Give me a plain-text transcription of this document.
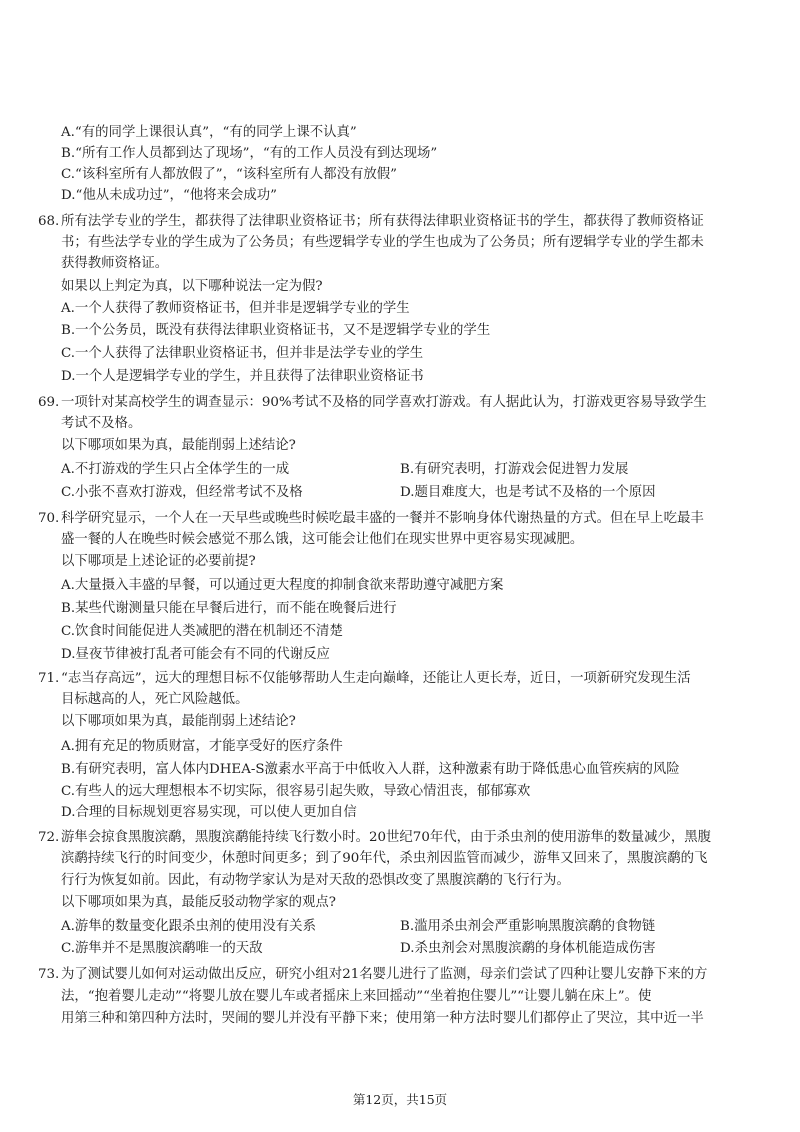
A.“有的同学上课很认真”，“有的同学上课不认真”
B.“所有工作人员都到达了现场”，“有的工作人员没有到达现场”
C.“该科室所有人都放假了”，“该科室所有人都没有放假”
D.“他从未成功过”，“他将来会成功”
68. 所有法学专业的学生，都获得了法律职业资格证书；所有获得法律职业资格证书的学生，都获得了教师资格证
书；有些法学专业的学生成为了公务员；有些逻辑学专业的学生也成为了公务员；所有逻辑学专业的学生都未
获得教师资格证。
如果以上判定为真，以下哪种说法一定为假?
A.一个人获得了教师资格证书，但并非是逻辑学专业的学生
B.一个公务员，既没有获得法律职业资格证书，又不是逻辑学专业的学生
C.一个人获得了法律职业资格证书，但并非是法学专业的学生
D.一个人是逻辑学专业的学生，并且获得了法律职业资格证书
69. 一项针对某高校学生的调查显示：90%考试不及格的同学喜欢打游戏。有人据此认为，打游戏更容易导致学生
考试不及格。
以下哪项如果为真，最能削弱上述结论?
A.不打游戏的学生只占全体学生的一成	B.有研究表明，打游戏会促进智力发展
C.小张不喜欢打游戏，但经常考试不及格	D.题目难度大，也是考试不及格的一个原因
70. 科学研究显示，一个人在一天早些或晚些时候吃最丰盛的一餐并不影响身体代谢热量的方式。但在早上吃最丰
盛一餐的人在晚些时候会感觉不那么饿，这可能会让他们在现实世界中更容易实现减肥。
以下哪项是上述论证的必要前提?
A.大量摄入丰盛的早餐，可以通过更大程度的抑制食欲来帮助遵守减肥方案
B.某些代谢测量只能在早餐后进行，而不能在晚餐后进行
C.饮食时间能促进人类减肥的潜在机制还不清楚
D.昼夜节律被打乱者可能会有不同的代谢反应
71. “志当存高远”，远大的理想目标不仅能够帮助人生走向巅峰，还能让人更长寿，近日，一项新研究发现生活
目标越高的人，死亡风险越低。
以下哪项如果为真，最能削弱上述结论?
A.拥有充足的物质财富，才能享受好的医疗条件
B.有研究表明，富人体内DHEA-S激素水平高于中低收入人群，这种激素有助于降低患心血管疾病的风险
C.有些人的远大理想根本不切实际，很容易引起失败，导致心情沮丧，郁郁寡欢
D.合理的目标规划更容易实现，可以使人更加自信
72. 游隼会掠食黑腹滨鹬，黑腹滨鹬能持续飞行数小时。20世纪70年代，由于杀虫剂的使用游隼的数量减少，黑腹
滨鹬持续飞行的时间变少，休憩时间更多；到了90年代，杀虫剂因监管而减少，游隼又回来了，黑腹滨鹬的飞
行行为恢复如前。因此，有动物学家认为是对天敌的恐惧改变了黑腹滨鹬的飞行行为。
以下哪项如果为真，最能反驳动物学家的观点?
A.游隼的数量变化跟杀虫剂的使用没有关系	B.滥用杀虫剂会严重影响黑腹滨鹬的食物链
C.游隼并不是黑腹滨鹬唯一的天敌	D.杀虫剂会对黑腹滨鹬的身体机能造成伤害
73. 为了测试婴儿如何对运动做出反应，研究小组对21名婴儿进行了监测，母亲们尝试了四种让婴儿安静下来的方
法，“抱着婴儿走动”“将婴儿放在婴儿车或者摇床上来回摇动”“坐着抱住婴儿”“让婴儿躺在床上”。使
用第三种和第四种方法时，哭闹的婴儿并没有平静下来；使用第一种方法时婴儿们都停止了哭泣，其中近一半
第12页，共15页
